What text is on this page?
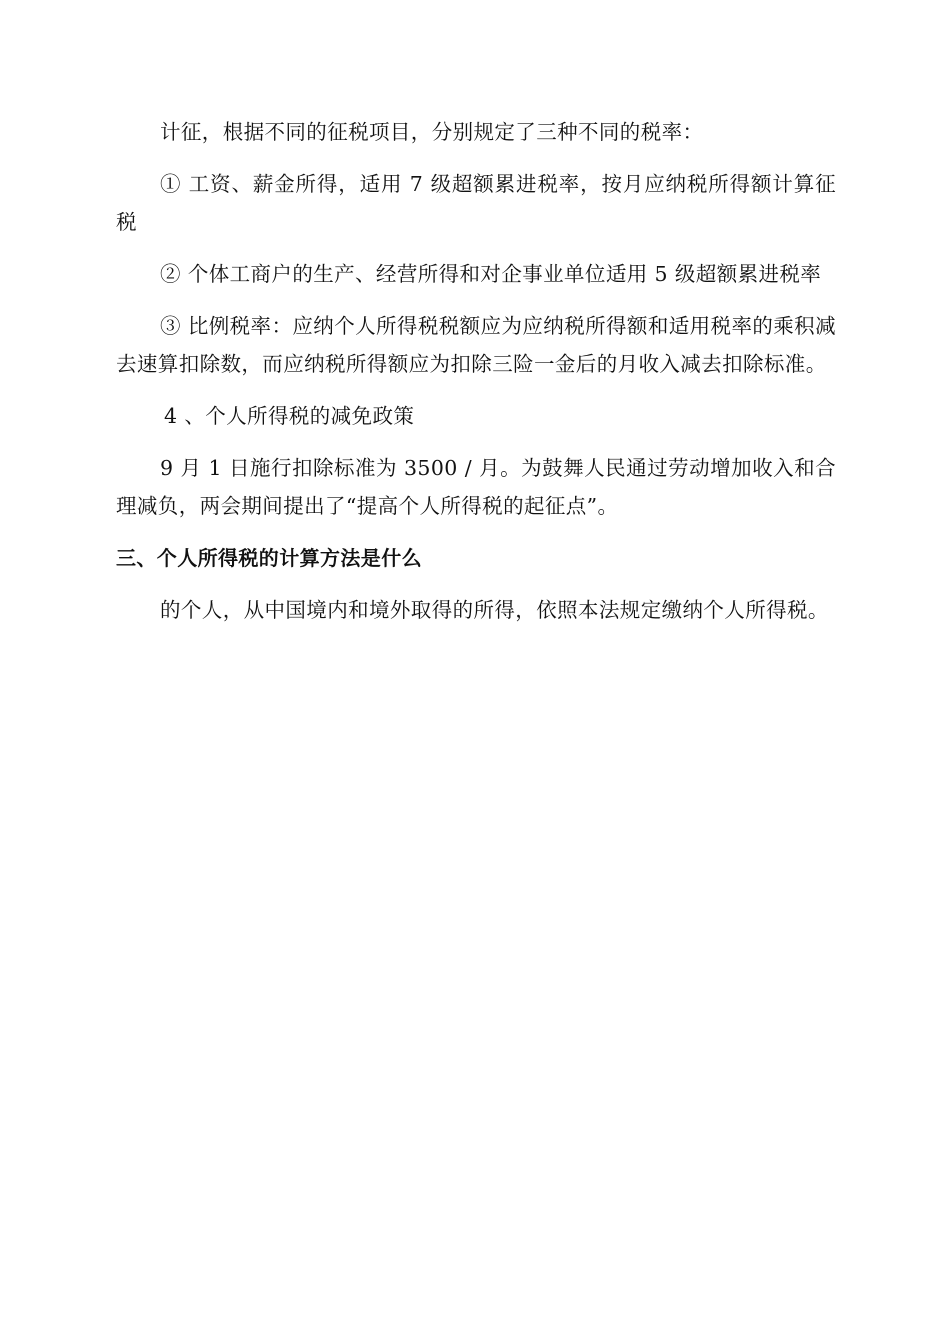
计征，根据不同的征税项目，分别规定了三种不同的税率：

① 工资、薪金所得，适用 7 级超额累进税率，按月应纳税所得额计算征税

② 个体工商户的生产、经营所得和对企事业单位适用 5 级超额累进税率

③ 比例税率：应纳个人所得税税额应为应纳税所得额和适用税率的乘积减去速算扣除数，而应纳税所得额应为扣除三险一金后的月收入减去扣除标准。

4 、个人所得税的减免政策

9 月 1 日施行扣除标准为 3500 / 月。为鼓舞人民通过劳动增加收入和合理减负，两会期间提出了“提高个人所得税的起征点”。

三、个人所得税的计算方法是什么

的个人，从中国境内和境外取得的所得，依照本法规定缴纳个人所得税。
